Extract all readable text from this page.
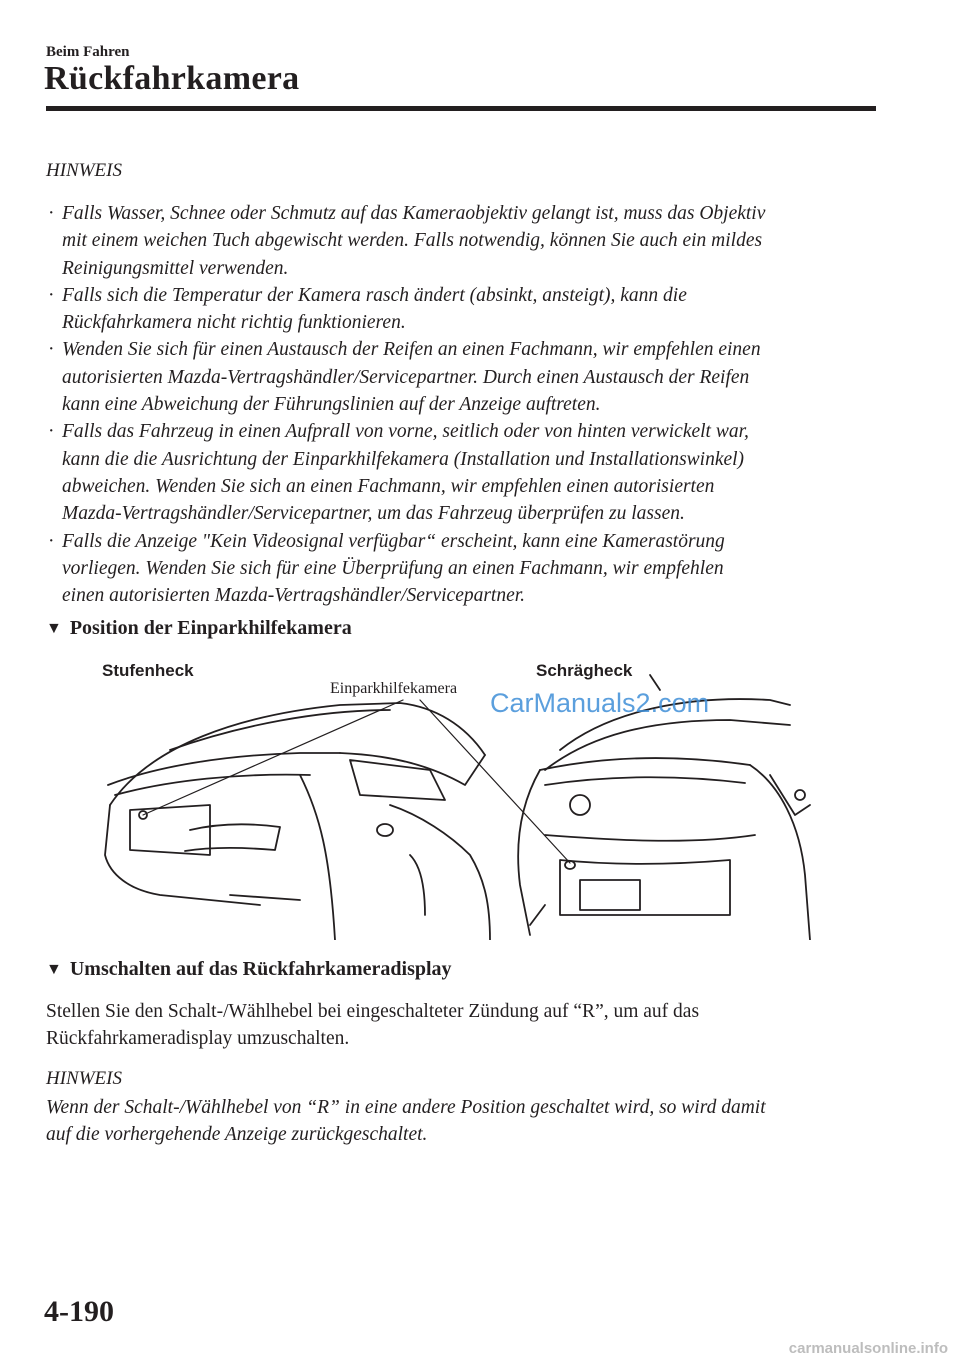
Beim Fahren
Rückfahrkamera
HINWEIS
· Falls Wasser, Schnee oder Schmutz auf das Kameraobjektiv gelangt ist, muss das Objektiv
mit einem weichen Tuch abgewischt werden. Falls notwendig, können Sie auch ein mildes
Reinigungsmittel verwenden.
· Falls sich die Temperatur der Kamera rasch ändert (absinkt, ansteigt), kann die
Rückfahrkamera nicht richtig funktionieren.
· Wenden Sie sich für einen Austausch der Reifen an einen Fachmann, wir empfehlen einen
autorisierten Mazda-Vertragshändler/Servicepartner. Durch einen Austausch der Reifen
kann eine Abweichung der Führungslinien auf der Anzeige auftreten.
· Falls das Fahrzeug in einen Aufprall von vorne, seitlich oder von hinten verwickelt war,
kann die die Ausrichtung der Einparkhilfekamera (Installation und Installationswinkel)
abweichen. Wenden Sie sich an einen Fachmann, wir empfehlen einen autorisierten
Mazda-Vertragshändler/Servicepartner, um das Fahrzeug überprüfen zu lassen.
· Falls die Anzeige "Kein Videosignal verfügbar“ erscheint, kann eine Kamerastörung
vorliegen. Wenden Sie sich für eine Überprüfung an einen Fachmann, wir empfehlen
einen autorisierten Mazda-Vertragshändler/Servicepartner.
▼ Position der Einparkhilfekamera
Stufenheck	Schrägheck
Einparkhilfekamera CarManuals2.com
▼ Umschalten auf das Rückfahrkameradisplay
Stellen Sie den Schalt-/Wählhebel bei eingeschalteter Zündung auf “R”, um auf das
Rückfahrkameradisplay umzuschalten.
HINWEIS
Wenn der Schalt-/Wählhebel von “R” in eine andere Position geschaltet wird, so wird damit
auf die vorhergehende Anzeige zurückgeschaltet.
4-190
carmanualsonline.info
